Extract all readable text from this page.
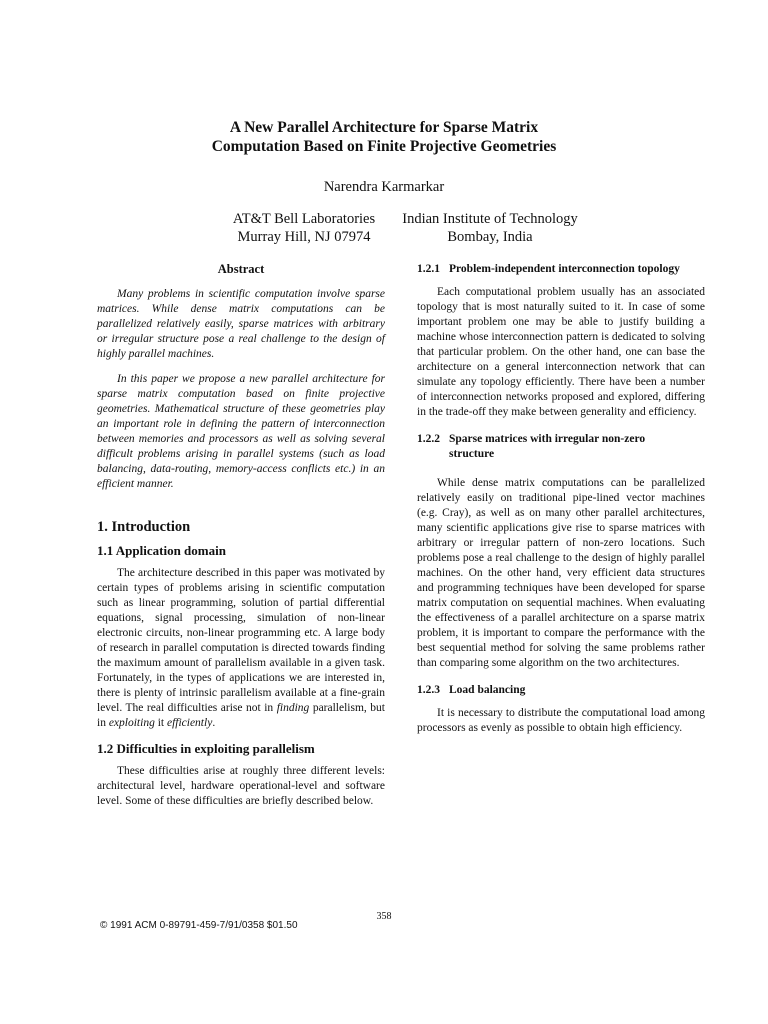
A New Parallel Architecture for Sparse Matrix
Computation Based on Finite Projective Geometries
Narendra Karmarkar
AT&T Bell Laboratories
Murray Hill, NJ 07974
Indian Institute of Technology
Bombay, India
Abstract

Many problems in scientific computation involve sparse matrices. While dense matrix computations can be parallelized relatively easily, sparse matrices with arbitrary or irregular structure pose a real challenge to the design of highly parallel machines.

In this paper we propose a new parallel architecture for sparse matrix computation based on finite projective geometries. Mathematical structure of these geometries play an important role in defining the pattern of interconnection between memories and processors as well as solving several difficult problems arising in parallel systems (such as load balancing, data-routing, memory-access conflicts etc.) in an efficient manner.

1. Introduction
1.1 Application domain

The architecture described in this paper was motivated by certain types of problems arising in scientific computation such as linear programming, solution of partial differential equations, signal processing, simulation of non-linear electronic circuits, non-linear programming etc. A large body of research in parallel computation is directed towards finding the maximum amount of parallelism available in a given task. Fortunately, in the types of applications we are interested in, there is plenty of intrinsic parallelism available at a fine-grain level. The real difficulties arise not in finding parallelism, but in exploiting it efficiently.

1.2 Difficulties in exploiting parallelism

These difficulties arise at roughly three different levels: architectural level, hardware operational-level and software level. Some of these difficulties are briefly described below.

1.2.1 Problem-independent interconnection topology

Each computational problem usually has an associated topology that is most naturally suited to it. In case of some important problem one may be able to justify building a machine whose interconnection pattern is dedicated to solving that particular problem. On the other hand, one can base the architecture on a general interconnection network that can simulate any topology efficiently. There have been a number of interconnection networks proposed and explored, differing in the trade-off they make between generality and efficiency.

1.2.2 Sparse matrices with irregular non-zero
structure

While dense matrix computations can be parallelized relatively easily on traditional pipe-lined vector machines (e.g. Cray), as well as on many other parallel architectures, many scientific applications give rise to sparse matrices with arbitrary or irregular pattern of non-zero locations. Such problems pose a real challenge to the design of highly parallel machines. On the other hand, very efficient data structures and programming techniques have been developed for sparse matrix computation on sequential machines. When evaluating the effectiveness of a parallel architecture on a sparse matrix problem, it is important to compare the performance with the best sequential method for solving the same problems rather than comparing some algorithm on the two architectures.

1.2.3 Load balancing

It is necessary to distribute the computational load among processors as evenly as possible to obtain high efficiency.

358
© 1991 ACM 0-89791-459-7/91/0358 $01.50
